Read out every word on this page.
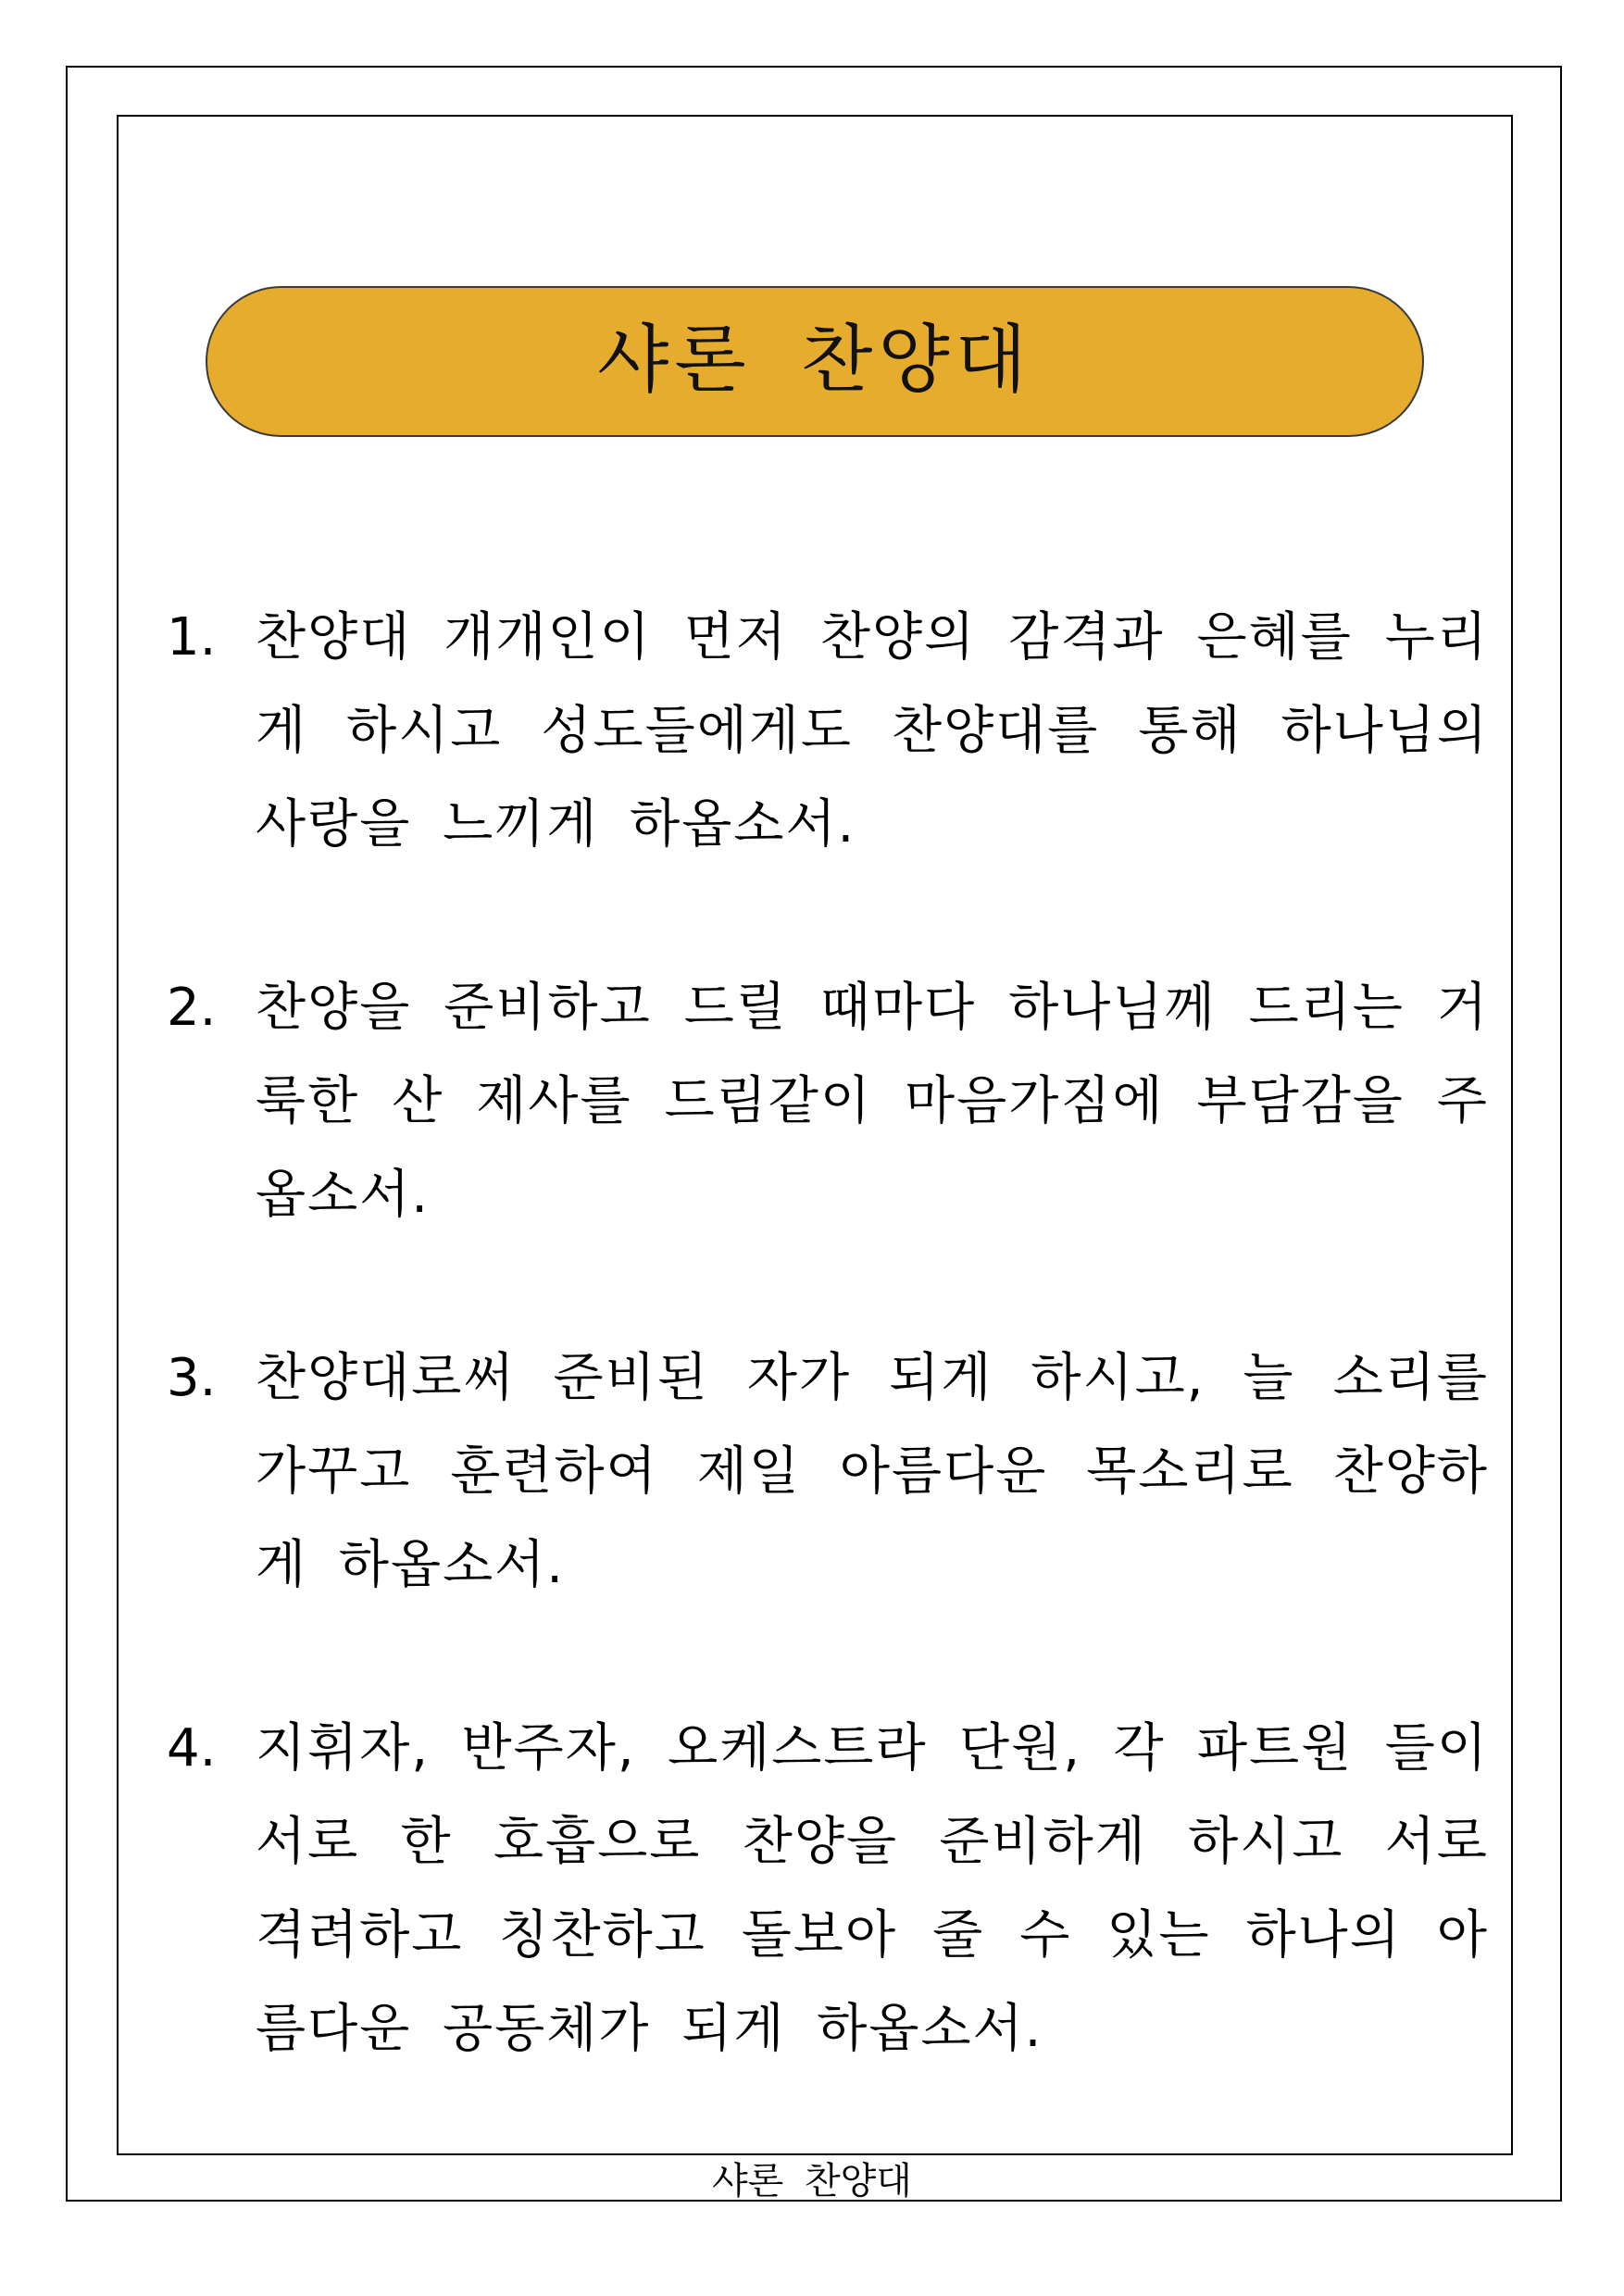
샤론 찬양대
1. 찬양대 개개인이 먼저 찬양의 감격과 은혜를 누리게 하시고 성도들에게도 찬양대를 통해 하나님의 사랑을 느끼게 하옵소서.
2. 찬양을 준비하고 드릴 때마다 하나님께 드리는 거룩한 산 제사를 드림같이 마음가짐에 부담감을 주옵소서.
3. 찬양대로써 준비된 자가 되게 하시고, 늘 소리를 가꾸고 훈련하여 제일 아름다운 목소리로 찬양하게 하옵소서.
4. 지휘자, 반주자, 오케스트라 단원, 각 파트원 들이 서로 한 호흡으로 찬양을 준비하게 하시고 서로 격려하고 칭찬하고 돌보아 줄 수 있는 하나의 아름다운 공동체가 되게 하옵소서.
샤론 찬양대
